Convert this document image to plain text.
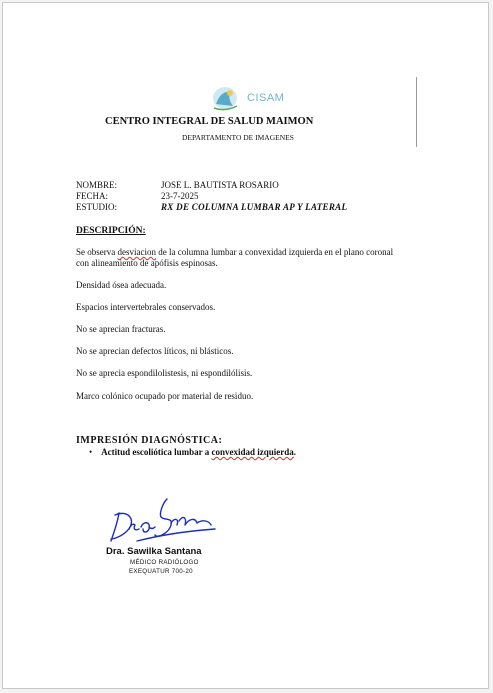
CISAM
CENTRO INTEGRAL DE SALUD MAIMON
DEPARTAMENTO DE IMAGENES
NOMBRE:	JOSE L. BAUTISTA ROSARIO
FECHA:	23-7-2025
ESTUDIO:	RX DE COLUMNA LUMBAR AP Y LATERAL
DESCRIPCIÓN:
Se observa desviacion de la columna lumbar a convexidad izquierda en el plano coronal con alineamiento de apófisis espinosas.
Densidad ósea adecuada.
Espacios intervertebrales conservados.
No se aprecian fracturas.
No se aprecian defectos líticos, ni blásticos.
No se aprecia espondilolistesis, ni espondilólisis.
Marco colónico ocupado por material de residuo.
IMPRESIÓN DIAGNÓSTICA:
• Actitud escoliótica lumbar a convexidad izquierda.
Dra. Sawilka Santana
MÉDICO RADIÓLOGO
EXEQUATUR 700-20
